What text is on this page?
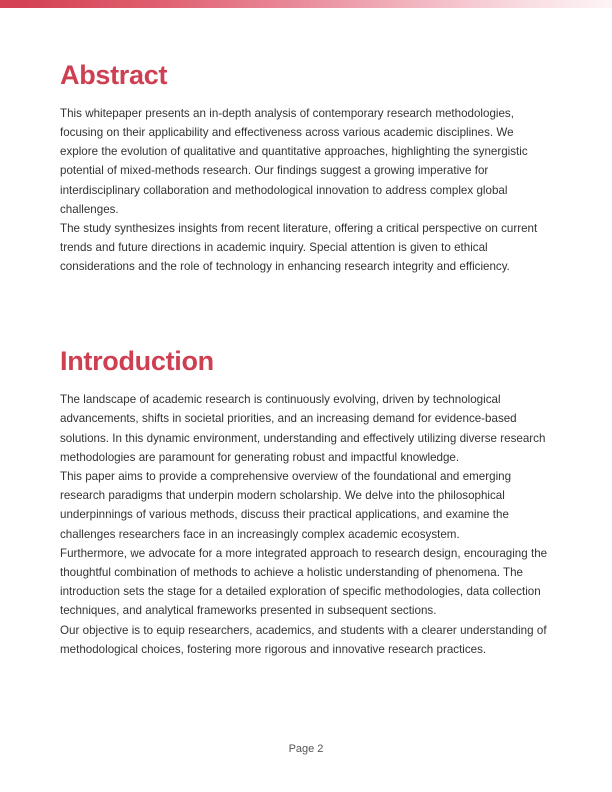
Abstract

This whitepaper presents an in-depth analysis of contemporary research methodologies, focusing on their applicability and effectiveness across various academic disciplines. We explore the evolution of qualitative and quantitative approaches, highlighting the synergistic potential of mixed-methods research. Our findings suggest a growing imperative for interdisciplinary collaboration and methodological innovation to address complex global challenges.

The study synthesizes insights from recent literature, offering a critical perspective on current trends and future directions in academic inquiry. Special attention is given to ethical considerations and the role of technology in enhancing research integrity and efficiency.

Introduction

The landscape of academic research is continuously evolving, driven by technological advancements, shifts in societal priorities, and an increasing demand for evidence-based solutions. In this dynamic environment, understanding and effectively utilizing diverse research methodologies are paramount for generating robust and impactful knowledge.

This paper aims to provide a comprehensive overview of the foundational and emerging research paradigms that underpin modern scholarship. We delve into the philosophical underpinnings of various methods, discuss their practical applications, and examine the challenges researchers face in an increasingly complex academic ecosystem.

Furthermore, we advocate for a more integrated approach to research design, encouraging the thoughtful combination of methods to achieve a holistic understanding of phenomena. The introduction sets the stage for a detailed exploration of specific methodologies, data collection techniques, and analytical frameworks presented in subsequent sections.

Our objective is to equip researchers, academics, and students with a clearer understanding of methodological choices, fostering more rigorous and innovative research practices.

Page 2
